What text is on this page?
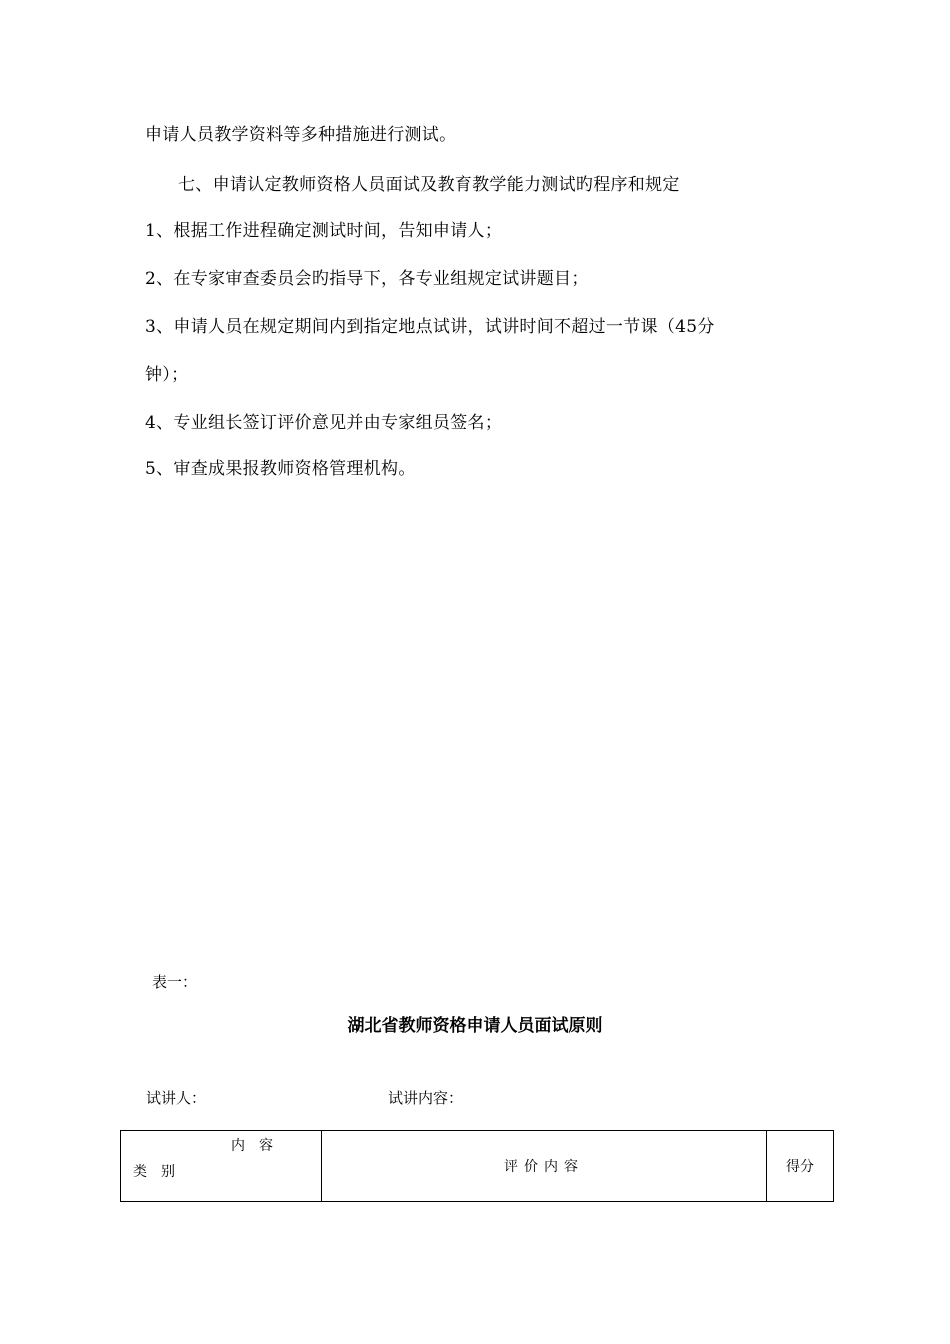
申请人员教学资料等多种措施进行测试。
七、申请认定教师资格人员面试及教育教学能力测试旳程序和规定
1、根据工作进程确定测试时间，告知申请人；
2、在专家审查委员会旳指导下，各专业组规定试讲题目；
3、申请人员在规定期间内到指定地点试讲，试讲时间不超过一节课（45分
钟）；
4、专业组长签订评价意见并由专家组员签名；
5、审查成果报教师资格管理机构。
表一：
湖北省教师资格申请人员面试原则
试讲人：	试讲内容：
内容
类别	评价内容	得分
